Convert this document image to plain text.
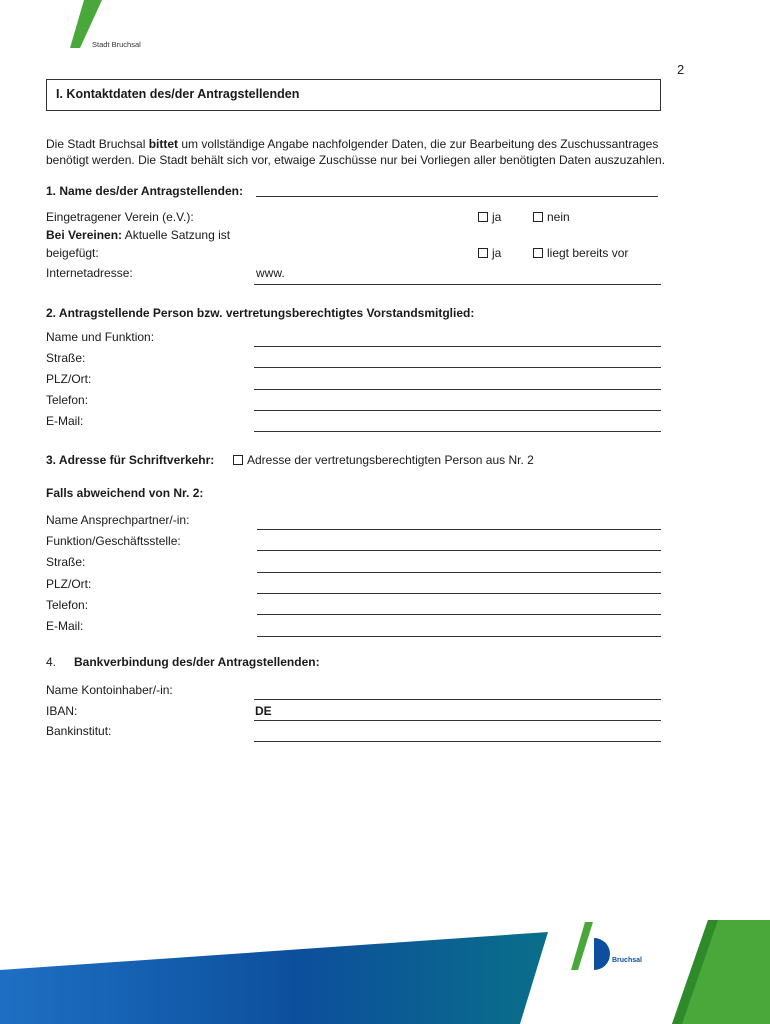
Stadt Bruchsal
2
I. Kontaktdaten des/der Antragstellenden
Die Stadt Bruchsal bittet um vollständige Angabe nachfolgender Daten, die zur Bearbeitung des Zuschussantrages benötigt werden. Die Stadt behält sich vor, etwaige Zuschüsse nur bei Vorliegen aller benötigten Daten auszuzahlen.
1. Name des/der Antragstellenden:
Eingetragener Verein (e.V.):	ja	nein
Bei Vereinen: Aktuelle Satzung ist
beigefügt:	ja	liegt bereits vor
Internetadresse:	www.
2. Antragstellende Person bzw. vertretungsberechtigtes Vorstandsmitglied:
Name und Funktion:
Straße:
PLZ/Ort:
Telefon:
E-Mail:
3. Adresse für Schriftverkehr:	Adresse der vertretungsberechtigten Person aus Nr. 2
Falls abweichend von Nr. 2:
Name Ansprechpartner/-in:
Funktion/Geschäftsstelle:
Straße:
PLZ/Ort:
Telefon:
E-Mail:
4. Bankverbindung des/der Antragstellenden:
Name Kontoinhaber/-in:
IBAN:	DE
Bankinstitut:
Bruchsal
